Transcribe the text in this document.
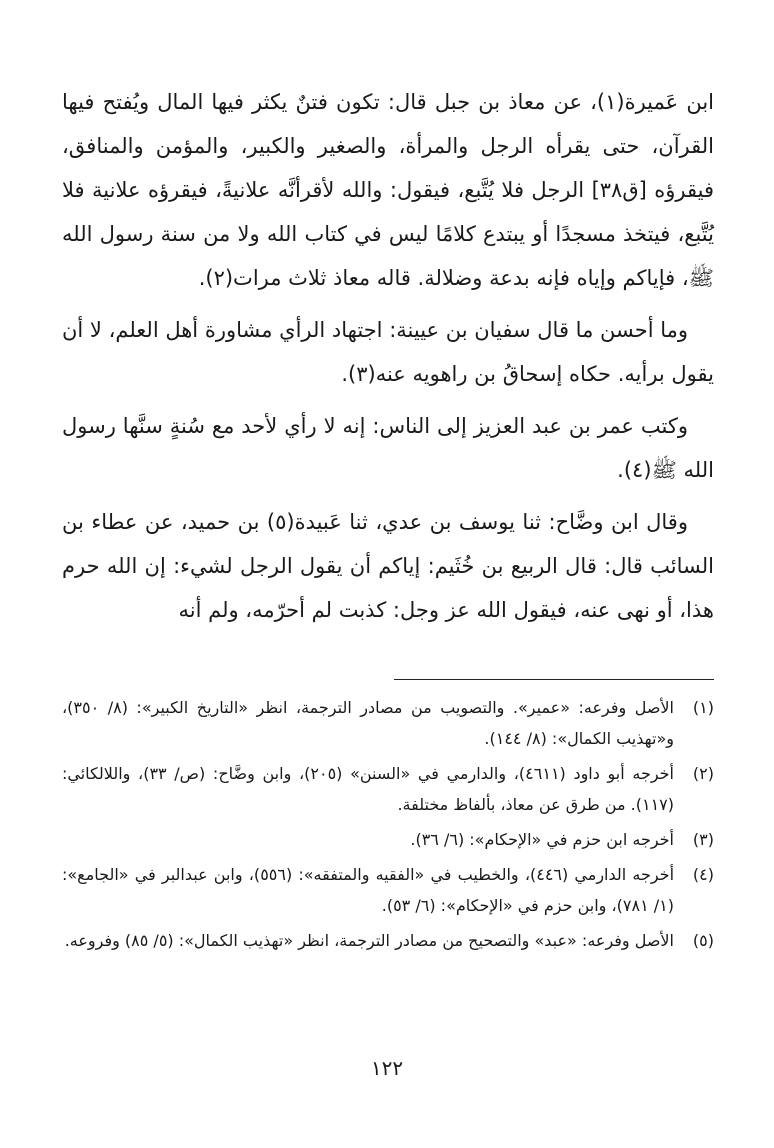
ابن عَميرة(١)، عن معاذ بن جبل قال: تكون فتنٌ يكثر فيها المال ويُفتح فيها القرآن، حتى يقرأه الرجل والمرأة، والصغير والكبير، والمؤمن والمنافق، فيقرؤه [ق٣٨] الرجل فلا يُتَّبع، فيقول: والله لأقرأنَّه علانيةً، فيقرؤه علانية فلا يُتَّبع، فيتخذ مسجدًا أو يبتدع كلامًا ليس في كتاب الله ولا من سنة رسول الله ﷺ، فإياكم وإياه فإنه بدعة وضلالة. قاله معاذ ثلاث مرات(٢).

وما أحسن ما قال سفيان بن عيينة: اجتهاد الرأي مشاورة أهل العلم، لا أن يقول برأيه. حكاه إسحاقُ بن راهويه عنه(٣).

وكتب عمر بن عبد العزيز إلى الناس: إنه لا رأي لأحد مع سُنةٍ سنَّها رسول الله ﷺ(٤).

وقال ابن وضَّاح: ثنا يوسف بن عدي، ثنا عَبيدة(٥) بن حميد، عن عطاء بن السائب قال: قال الربيع بن خُثَيم: إياكم أن يقول الرجل لشيء: إن الله حرم هذا، أو نهى عنه، فيقول الله عز وجل: كذبت لم أحرّمه، ولم أنه

(١)
الأصل وفرعه: «عمير». والتصويب من مصادر الترجمة، انظر «التاريخ الكبير»: (٨/ ٣٥٠)، و«تهذيب الكمال»: (٨/ ١٤٤).
(٢)
أخرجه أبو داود (٤٦١١)، والدارمي في «السنن» (٢٠٥)، وابن وضَّاح: (ص/ ٣٣)، واللالكائي: (١١٧). من طرق عن معاذ، بألفاظ مختلفة.
(٣)
أخرجه ابن حزم في «الإحكام»: (٦/ ٣٦).
(٤)
أخرجه الدارمي (٤٤٦)، والخطيب في «الفقيه والمتفقه»: (٥٥٦)، وابن عبدالبر في «الجامع»: (١/ ٧٨١)، وابن حزم في «الإحكام»: (٦/ ٥٣).
(٥)
الأصل وفرعه: «عبد» والتصحيح من مصادر الترجمة، انظر «تهذيب الكمال»: (٥/ ٨٥) وفروعه.
١٢٢
